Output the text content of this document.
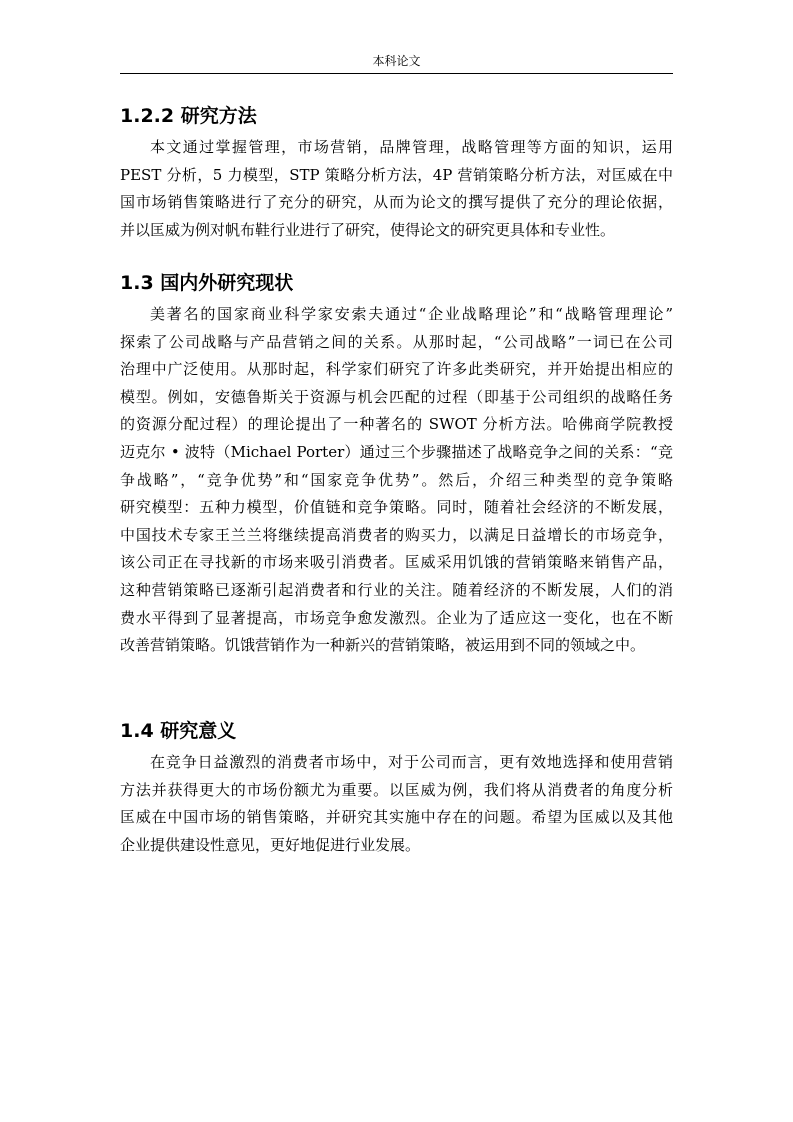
本科论文
1.2.2 研究方法
本文通过掌握管理，市场营销，品牌管理，战略管理等方面的知识，运用
PEST 分析，5 力模型，STP 策略分析方法，4P 营销策略分析方法，对匡威在中
国市场销售策略进行了充分的研究，从而为论文的撰写提供了充分的理论依据，
并以匡威为例对帆布鞋行业进行了研究，使得论文的研究更具体和专业性。
1.3 国内外研究现状
美著名的国家商业科学家安索夫通过“企业战略理论”和“战略管理理论”
探索了公司战略与产品营销之间的关系。从那时起，“公司战略”一词已在公司
治理中广泛使用。从那时起，科学家们研究了许多此类研究，并开始提出相应的
模型。例如，安德鲁斯关于资源与机会匹配的过程（即基于公司组织的战略任务
的资源分配过程）的理论提出了一种著名的 SWOT 分析方法。哈佛商学院教授
迈克尔 • 波特（Michael Porter）通过三个步骤描述了战略竞争之间的关系：“竞
争战略”，“竞争优势”和“国家竞争优势”。然后，介绍三种类型的竞争策略
研究模型：五种力模型，价值链和竞争策略。同时，随着社会经济的不断发展，
中国技术专家王兰兰将继续提高消费者的购买力，以满足日益增长的市场竞争，
该公司正在寻找新的市场来吸引消费者。匡威采用饥饿的营销策略来销售产品，
这种营销策略已逐渐引起消费者和行业的关注。随着经济的不断发展，人们的消
费水平得到了显著提高，市场竞争愈发激烈。企业为了适应这一变化，也在不断
改善营销策略。饥饿营销作为一种新兴的营销策略，被运用到不同的领域之中。
1.4 研究意义
在竞争日益激烈的消费者市场中，对于公司而言，更有效地选择和使用营销
方法并获得更大的市场份额尤为重要。以匡威为例，我们将从消费者的角度分析
匡威在中国市场的销售策略，并研究其实施中存在的问题。希望为匡威以及其他
企业提供建设性意见，更好地促进行业发展。
